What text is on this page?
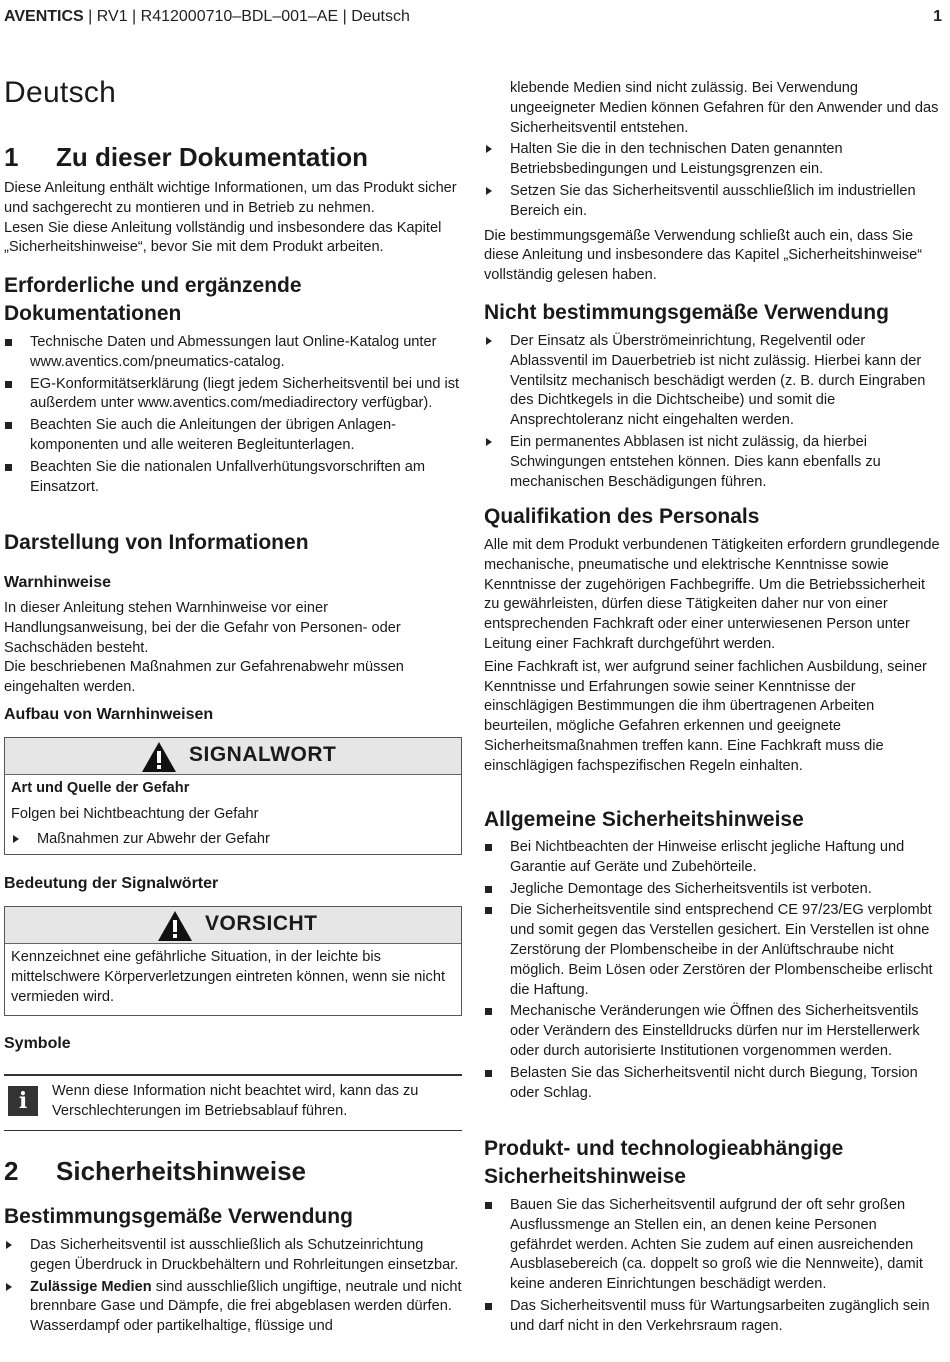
AVENTICS | RV1 | R412000710–BDL–001–AE | Deutsch	1
Deutsch
1 Zu dieser Dokumentation

Diese Anleitung enthält wichtige Informationen, um das Produkt sicher und sachgerecht zu montieren und in Betrieb zu nehmen.

Lesen Sie diese Anleitung vollständig und insbesondere das Kapitel „Sicherheitshinweise“, bevor Sie mit dem Produkt arbeiten.

Erforderliche und ergänzende
Dokumentationen
Technische Daten und Abmessungen laut Online-Katalog unter www.aventics.com/pneumatics-catalog.
EG-Konformitätserklärung (liegt jedem Sicherheitsventil bei und ist außerdem unter www.aventics.com/mediadirectory verfügbar).
Beachten Sie auch die Anleitungen der übrigen Anlagen-komponenten und alle weiteren Begleitunterlagen.
Beachten Sie die nationalen Unfallverhütungsvorschriften am Einsatzort.
Darstellung von Informationen
Warnhinweise

In dieser Anleitung stehen Warnhinweise vor einer Handlungsanweisung, bei der die Gefahr von Personen- oder Sachschäden besteht.

Die beschriebenen Maßnahmen zur Gefahrenabwehr müssen eingehalten werden.

Aufbau von Warnhinweisen
SIGNALWORT

Art und Quelle der Gefahr

Folgen bei Nichtbeachtung der Gefahr

Maßnahmen zur Abwehr der Gefahr
Bedeutung der Signalwörter
VORSICHT

Kennzeichnet eine gefährliche Situation, in der leichte bis mittelschwere Körperverletzungen eintreten können, wenn sie nicht vermieden wird.

Symbole
i	Wenn diese Information nicht beachtet wird, kann das zu Verschlechterungen im Betriebsablauf führen.

2 Sicherheitshinweise
Bestimmungsgemäße Verwendung
Das Sicherheitsventil ist ausschließlich als Schutzeinrichtung gegen Überdruck in Druckbehältern und Rohrleitungen einsetzbar.
Zulässige Medien sind ausschließlich ungiftige, neutrale und nicht brennbare Gase und Dämpfe, die frei abgeblasen werden dürfen. Wasserdampf oder partikelhaltige, flüssige und

klebende Medien sind nicht zulässig. Bei Verwendung ungeeigneter Medien können Gefahren für den Anwender und das Sicherheitsventil entstehen.

Halten Sie die in den technischen Daten genannten Betriebsbedingungen und Leistungsgrenzen ein.
Setzen Sie das Sicherheitsventil ausschließlich im industriellen Bereich ein.

Die bestimmungsgemäße Verwendung schließt auch ein, dass Sie diese Anleitung und insbesondere das Kapitel „Sicherheitshinweise“ vollständig gelesen haben.

Nicht bestimmungsgemäße Verwendung
Der Einsatz als Überströmeinrichtung, Regelventil oder Ablassventil im Dauerbetrieb ist nicht zulässig. Hierbei kann der Ventilsitz mechanisch beschädigt werden (z. B. durch Eingraben des Dichtkegels in die Dichtscheibe) und somit die Ansprechtoleranz nicht eingehalten werden.
Ein permanentes Abblasen ist nicht zulässig, da hierbei Schwingungen entstehen können. Dies kann ebenfalls zu mechanischen Beschädigungen führen.
Qualifikation des Personals

Alle mit dem Produkt verbundenen Tätigkeiten erfordern grundlegende mechanische, pneumatische und elektrische Kenntnisse sowie Kenntnisse der zugehörigen Fachbegriffe. Um die Betriebssicherheit zu gewährleisten, dürfen diese Tätigkeiten daher nur von einer entsprechenden Fachkraft oder einer unterwiesenen Person unter Leitung einer Fachkraft durchgeführt werden.

Eine Fachkraft ist, wer aufgrund seiner fachlichen Ausbildung, seiner Kenntnisse und Erfahrungen sowie seiner Kenntnisse der einschlägigen Bestimmungen die ihm übertragenen Arbeiten beurteilen, mögliche Gefahren erkennen und geeignete Sicherheitsmaßnahmen treffen kann. Eine Fachkraft muss die einschlägigen fachspezifischen Regeln einhalten.

Allgemeine Sicherheitshinweise
Bei Nichtbeachten der Hinweise erlischt jegliche Haftung und Garantie auf Geräte und Zubehörteile.
Jegliche Demontage des Sicherheitsventils ist verboten.
Die Sicherheitsventile sind entsprechend CE 97/23/EG verplombt und somit gegen das Verstellen gesichert. Ein Verstellen ist ohne Zerstörung der Plombenscheibe in der Anlüftschraube nicht möglich. Beim Lösen oder Zerstören der Plombenscheibe erlischt die Haftung.
Mechanische Veränderungen wie Öffnen des Sicherheitsventils oder Verändern des Einstelldrucks dürfen nur im Herstellerwerk oder durch autorisierte Institutionen vorgenommen werden.
Belasten Sie das Sicherheitsventil nicht durch Biegung, Torsion oder Schlag.
Produkt- und technologieabhängige
Sicherheitshinweise
Bauen Sie das Sicherheitsventil aufgrund der oft sehr großen Ausflussmenge an Stellen ein, an denen keine Personen gefährdet werden. Achten Sie zudem auf einen ausreichenden Ausblasebereich (ca. doppelt so groß wie die Nennweite), damit keine anderen Einrichtungen beschädigt werden.
Das Sicherheitsventil muss für Wartungsarbeiten zugänglich sein und darf nicht in den Verkehrsraum ragen.
